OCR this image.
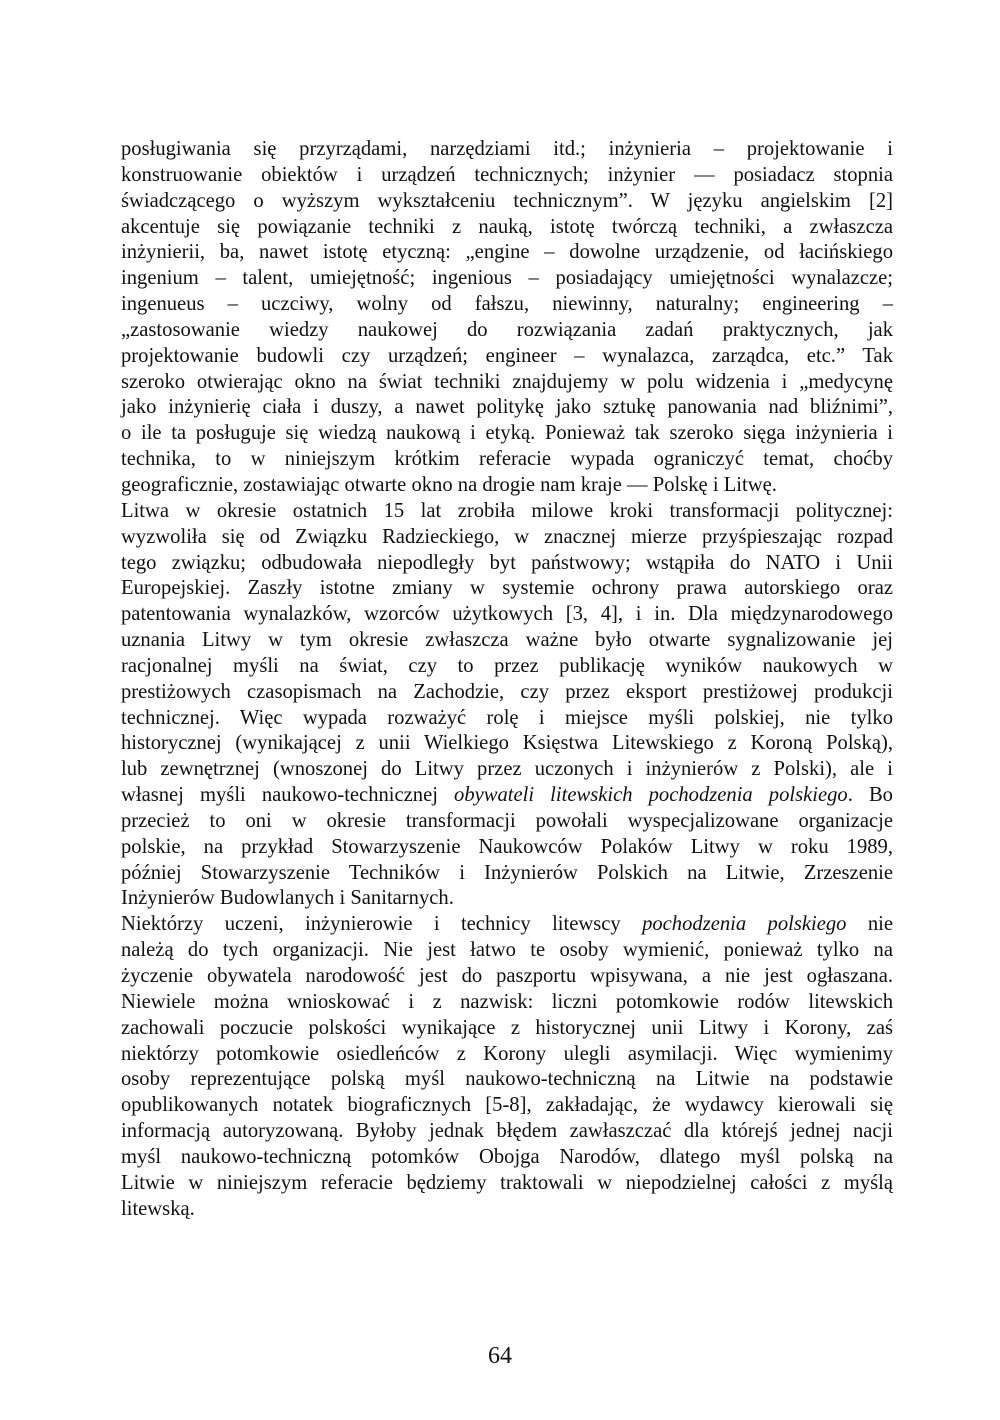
posługiwania się przyrządami, narzędziami itd.; inżynieria – projektowanie i
konstruowanie obiektów i urządzeń technicznych; inżynier — posiadacz stopnia
świadczącego o wyższym wykształceniu technicznym”. W języku angielskim [2]
akcentuje się powiązanie techniki z nauką, istotę twórczą techniki, a zwłaszcza
inżynierii, ba, nawet istotę etyczną: „engine – dowolne urządzenie, od łacińskiego
ingenium – talent, umiejętność; ingenious – posiadający umiejętności wynalazcze;
ingenueus – uczciwy, wolny od fałszu, niewinny, naturalny; engineering –
„zastosowanie wiedzy naukowej do rozwiązania zadań praktycznych, jak
projektowanie budowli czy urządzeń; engineer – wynalazca, zarządca, etc.” Tak
szeroko otwierając okno na świat techniki znajdujemy w polu widzenia i „medycynę
jako inżynierię ciała i duszy, a nawet politykę jako sztukę panowania nad bliźnimi”,
o ile ta posługuje się wiedzą naukową i etyką. Ponieważ tak szeroko sięga inżynieria i
technika, to w niniejszym krótkim referacie wypada ograniczyć temat, choćby
geograficznie, zostawiając otwarte okno na drogie nam kraje — Polskę i Litwę.
Litwa w okresie ostatnich 15 lat zrobiła milowe kroki transformacji politycznej:
wyzwoliła się od Związku Radzieckiego, w znacznej mierze przyśpieszając rozpad
tego związku; odbudowała niepodległy byt państwowy; wstąpiła do NATO i Unii
Europejskiej. Zaszły istotne zmiany w systemie ochrony prawa autorskiego oraz
patentowania wynalazków, wzorców użytkowych [3, 4], i in. Dla międzynarodowego
uznania Litwy w tym okresie zwłaszcza ważne było otwarte sygnalizowanie jej
racjonalnej myśli na świat, czy to przez publikację wyników naukowych w
prestiżowych czasopismach na Zachodzie, czy przez eksport prestiżowej produkcji
technicznej. Więc wypada rozważyć rolę i miejsce myśli polskiej, nie tylko
historycznej (wynikającej z unii Wielkiego Księstwa Litewskiego z Koroną Polską),
lub zewnętrznej (wnoszonej do Litwy przez uczonych i inżynierów z Polski), ale i
własnej myśli naukowo-technicznej obywateli litewskich pochodzenia polskiego. Bo
przecież to oni w okresie transformacji powołali wyspecjalizowane organizacje
polskie, na przykład Stowarzyszenie Naukowców Polaków Litwy w roku 1989,
później Stowarzyszenie Techników i Inżynierów Polskich na Litwie, Zrzeszenie
Inżynierów Budowlanych i Sanitarnych.
Niektórzy uczeni, inżynierowie i technicy litewscy pochodzenia polskiego nie
należą do tych organizacji. Nie jest łatwo te osoby wymienić, ponieważ tylko na
życzenie obywatela narodowość jest do paszportu wpisywana, a nie jest ogłaszana.
Niewiele można wnioskować i z nazwisk: liczni potomkowie rodów litewskich
zachowali poczucie polskości wynikające z historycznej unii Litwy i Korony, zaś
niektórzy potomkowie osiedleńców z Korony ulegli asymilacji. Więc wymienimy
osoby reprezentujące polską myśl naukowo-techniczną na Litwie na podstawie
opublikowanych notatek biograficznych [5-8], zakładając, że wydawcy kierowali się
informacją autoryzowaną. Byłoby jednak błędem zawłaszczać dla którejś jednej nacji
myśl naukowo-techniczną potomków Obojga Narodów, dlatego myśl polską na
Litwie w niniejszym referacie będziemy traktowali w niepodzielnej całości z myślą
litewską.
64
